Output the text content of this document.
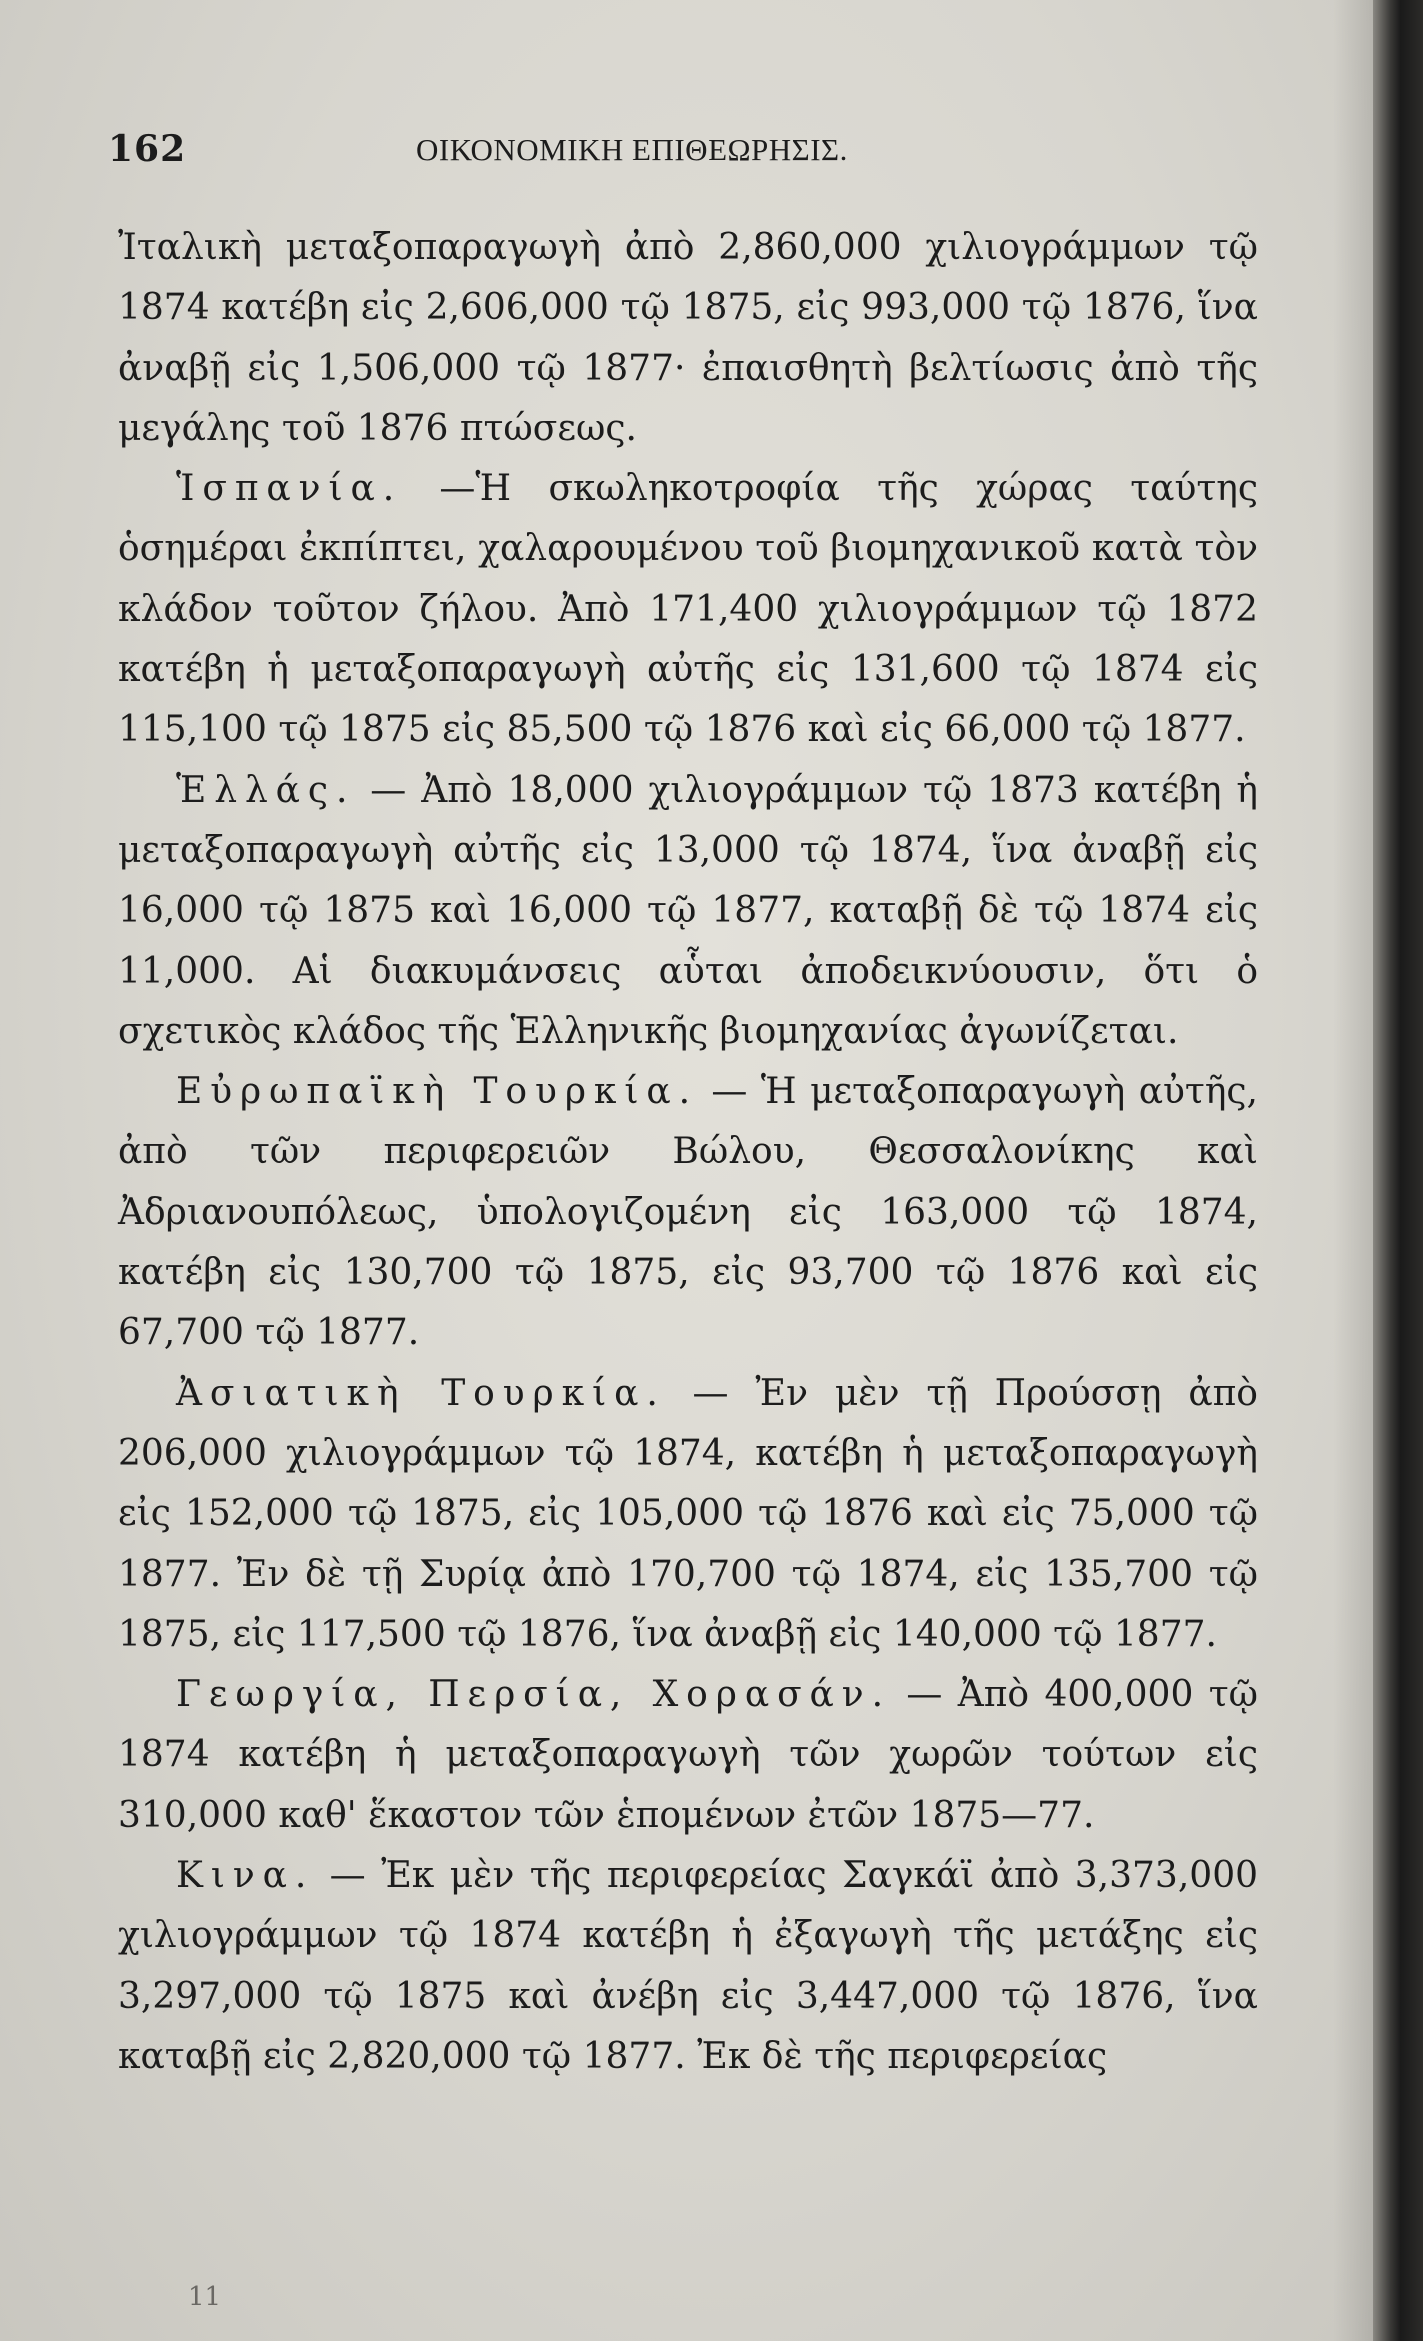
162	ΟΙΚΟΝΟΜΙΚΗ ΕΠΙΘΕΩΡΗΣΙΣ.

Ἰταλικὴ μεταξοπαραγωγὴ ἀπὸ 2,860,000 χιλιογράμμων τῷ 1874 κατέβη εἰς 2,606,000 τῷ 1875, εἰς 993,000 τῷ 1876, ἵνα ἀναβῇ εἰς 1,506,000 τῷ 1877· ἐπαισθητὴ βελτίωσις ἀπὸ τῆς μεγάλης τοῦ 1876 πτώσεως.

Ἱσπανία. —Ἡ σκωληκοτροφία τῆς χώρας ταύτης ὁσημέραι ἐκπίπτει, χαλαρουμένου τοῦ βιομηχανικοῦ κατὰ τὸν κλάδον τοῦτον ζήλου. Ἀπὸ 171,400 χιλιογράμμων τῷ 1872 κατέβη ἡ μεταξοπαραγωγὴ αὐτῆς εἰς 131,600 τῷ 1874 εἰς 115,100 τῷ 1875 εἰς 85,500 τῷ 1876 καὶ εἰς 66,000 τῷ 1877.

Ἑλλάς. — Ἀπὸ 18,000 χιλιογράμμων τῷ 1873 κατέβη ἡ μεταξοπαραγωγὴ αὐτῆς εἰς 13,000 τῷ 1874, ἵνα ἀναβῇ εἰς 16,000 τῷ 1875 καὶ 16,000 τῷ 1877, καταβῇ δὲ τῷ 1874 εἰς 11,000. Αἱ διακυμάνσεις αὗται ἀποδεικνύουσιν, ὅτι ὁ σχετικὸς κλάδος τῆς Ἑλληνικῆς βιομηχανίας ἀγωνίζεται.

Εὐρωπαϊκὴ Τουρκία. — Ἡ μεταξοπαραγωγὴ αὐτῆς, ἀπὸ τῶν περιφερειῶν Βώλου, Θεσσαλονίκης καὶ Ἀδριανουπόλεως, ὑπολογιζομένη εἰς 163,000 τῷ 1874, κατέβη εἰς 130,700 τῷ 1875, εἰς 93,700 τῷ 1876 καὶ εἰς 67,700 τῷ 1877.

Ἀσιατικὴ Τουρκία. — Ἐν μὲν τῇ Προύσσῃ ἀπὸ 206,000 χιλιογράμμων τῷ 1874, κατέβη ἡ μεταξοπαραγωγὴ εἰς 152,000 τῷ 1875, εἰς 105,000 τῷ 1876 καὶ εἰς 75,000 τῷ 1877. Ἐν δὲ τῇ Συρίᾳ ἀπὸ 170,700 τῷ 1874, εἰς 135,700 τῷ 1875, εἰς 117,500 τῷ 1876, ἵνα ἀναβῇ εἰς 140,000 τῷ 1877.

Γεωργία, Περσία, Χορασάν. — Ἀπὸ 400,000 τῷ 1874 κατέβη ἡ μεταξοπαραγωγὴ τῶν χωρῶν τούτων εἰς 310,000 καθ' ἕκαστον τῶν ἑπομένων ἐτῶν 1875—77.

Κινα. — Ἐκ μὲν τῆς περιφερείας Σαγκάϊ ἀπὸ 3,373,000 χιλιογράμμων τῷ 1874 κατέβη ἡ ἐξαγωγὴ τῆς μετάξης εἰς 3,297,000 τῷ 1875 καὶ ἀνέβη εἰς 3,447,000 τῷ 1876, ἵνα καταβῇ εἰς 2,820,000 τῷ 1877. Ἐκ δὲ τῆς περιφερείας

11
